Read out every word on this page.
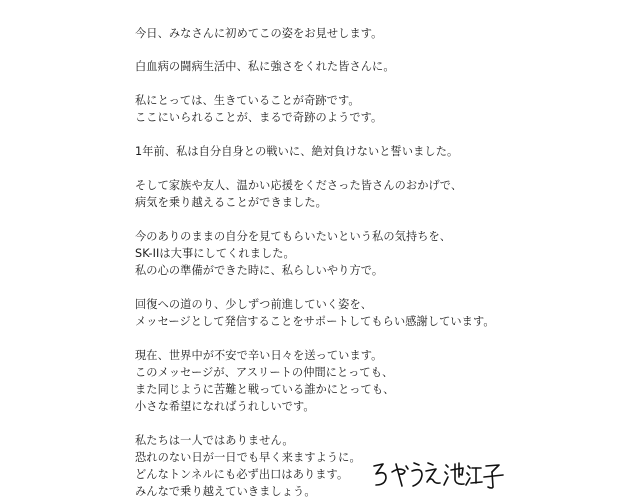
今日、みなさんに初めてこの姿をお見せします。

白血病の闘病生活中、私に強さをくれた皆さんに。

私にとっては、生きていることが奇跡です。
ここにいられることが、まるで奇跡のようです。

1年前、私は自分自身との戦いに、絶対負けないと誓いました。

そして家族や友人、温かい応援をくださった皆さんのおかげで、
病気を乗り越えることができました。

今のありのままの自分を見てもらいたいという私の気持ちを、
SK-IIは大事にしてくれました。
私の心の準備ができた時に、私らしいやり方で。

回復への道のり、少しずつ前進していく姿を、
メッセージとして発信することをサポートしてもらい感謝しています。

現在、世界中が不安で辛い日々を送っています。
このメッセージが、アスリートの仲間にとっても、
また同じように苦難と戦っている誰かにとっても、
小さな希望になればうれしいです。

私たちは一人ではありません。
恐れのない日が一日でも早く来ますように。
どんなトンネルにも必ず出口はあります。
みんなで乗り越えていきましょう。
